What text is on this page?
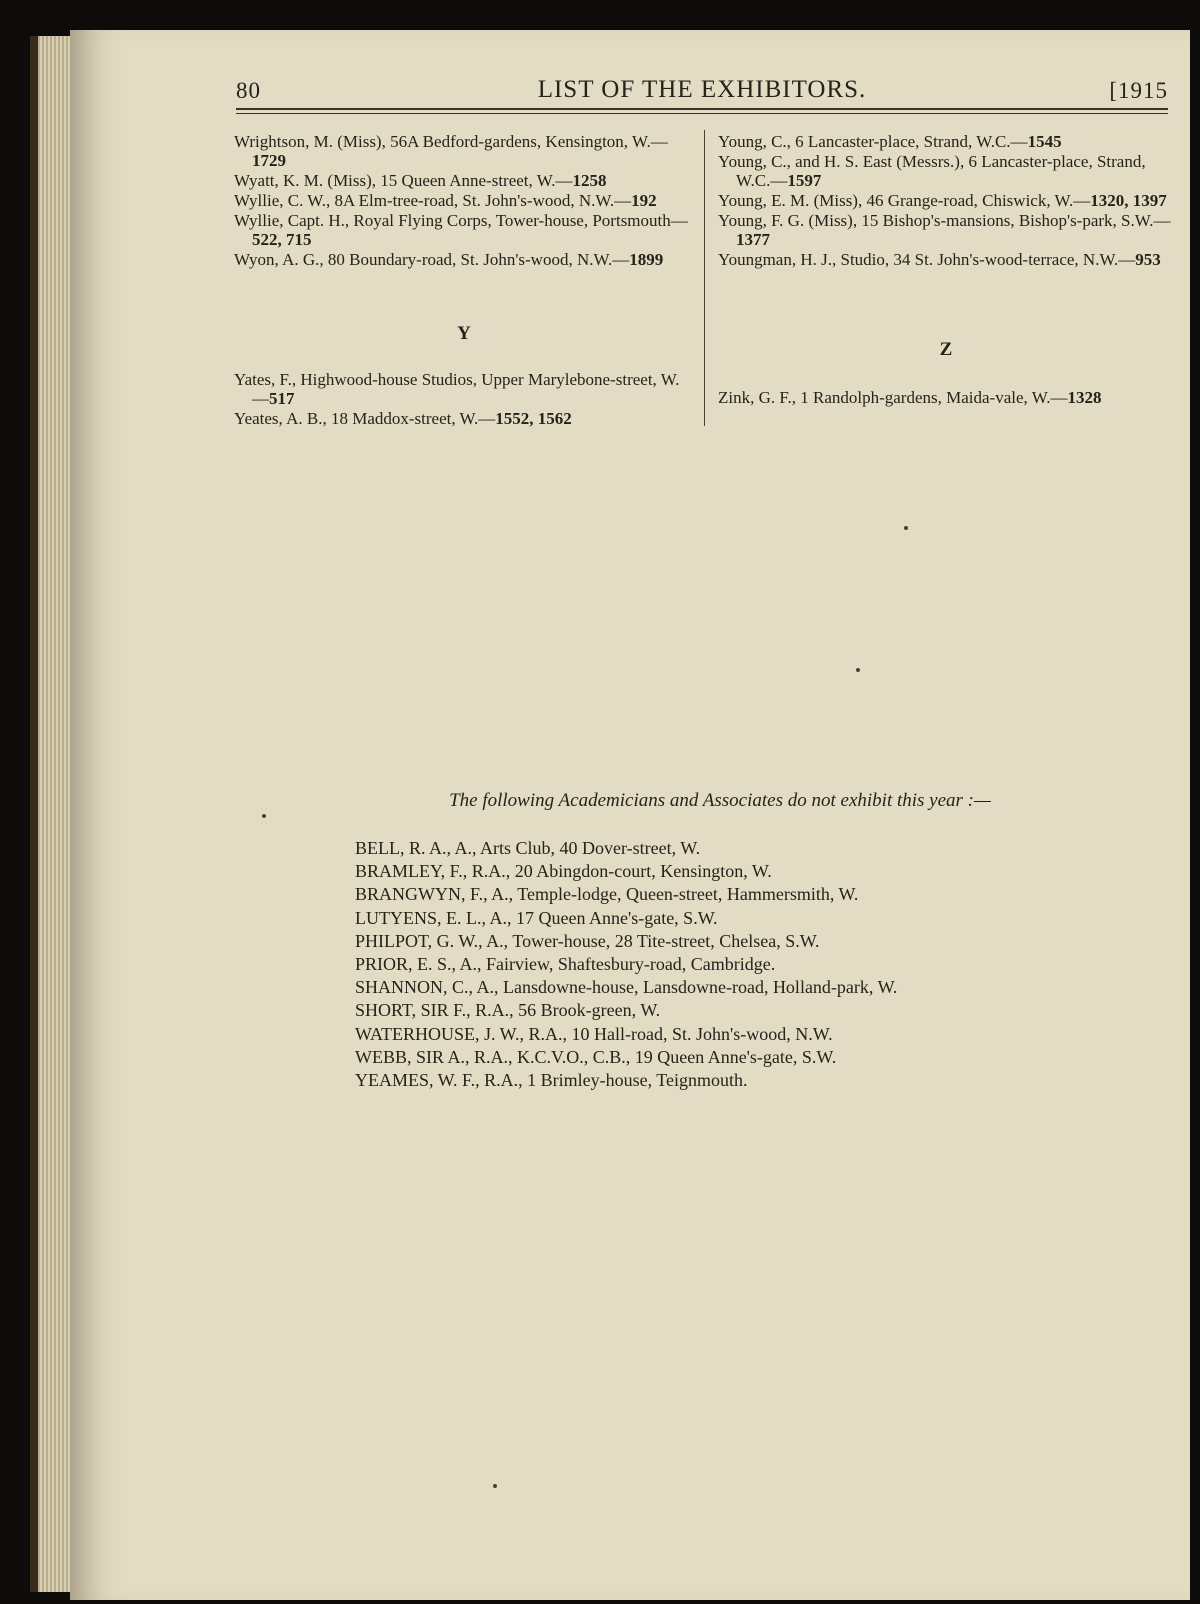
80	LIST OF THE EXHIBITORS.	[1915
Wrightson, M. (Miss), 56A Bedford-gardens, Kensington, W.—1729
Wyatt, K. M. (Miss), 15 Queen Anne-street, W.—1258
Wyllie, C. W., 8A Elm-tree-road, St. John's-wood, N.W.—192
Wyllie, Capt. H., Royal Flying Corps, Tower-house, Portsmouth—522, 715
Wyon, A. G., 80 Boundary-road, St. John's-wood, N.W.—1899
Y
Yates, F., Highwood-house Studios, Upper Marylebone-street, W.—517
Yeates, A. B., 18 Maddox-street, W.—1552, 1562
Young, C., 6 Lancaster-place, Strand, W.C.—1545
Young, C., and H. S. East (Messrs.), 6 Lancaster-place, Strand, W.C.—1597
Young, E. M. (Miss), 46 Grange-road, Chiswick, W.—1320, 1397
Young, F. G. (Miss), 15 Bishop's-mansions, Bishop's-park, S.W.—1377
Youngman, H. J., Studio, 34 St. John's-wood-terrace, N.W.—953
Z
Zink, G. F., 1 Randolph-gardens, Maida-vale, W.—1328
The following Academicians and Associates do not exhibit this year :—
BELL, R. A., A., Arts Club, 40 Dover-street, W.
BRAMLEY, F., R.A., 20 Abingdon-court, Kensington, W.
BRANGWYN, F., A., Temple-lodge, Queen-street, Hammersmith, W.
LUTYENS, E. L., A., 17 Queen Anne's-gate, S.W.
PHILPOT, G. W., A., Tower-house, 28 Tite-street, Chelsea, S.W.
PRIOR, E. S., A., Fairview, Shaftesbury-road, Cambridge.
SHANNON, C., A., Lansdowne-house, Lansdowne-road, Holland-park, W.
SHORT, SIR F., R.A., 56 Brook-green, W.
WATERHOUSE, J. W., R.A., 10 Hall-road, St. John's-wood, N.W.
WEBB, SIR A., R.A., K.C.V.O., C.B., 19 Queen Anne's-gate, S.W.
YEAMES, W. F., R.A., 1 Brimley-house, Teignmouth.
